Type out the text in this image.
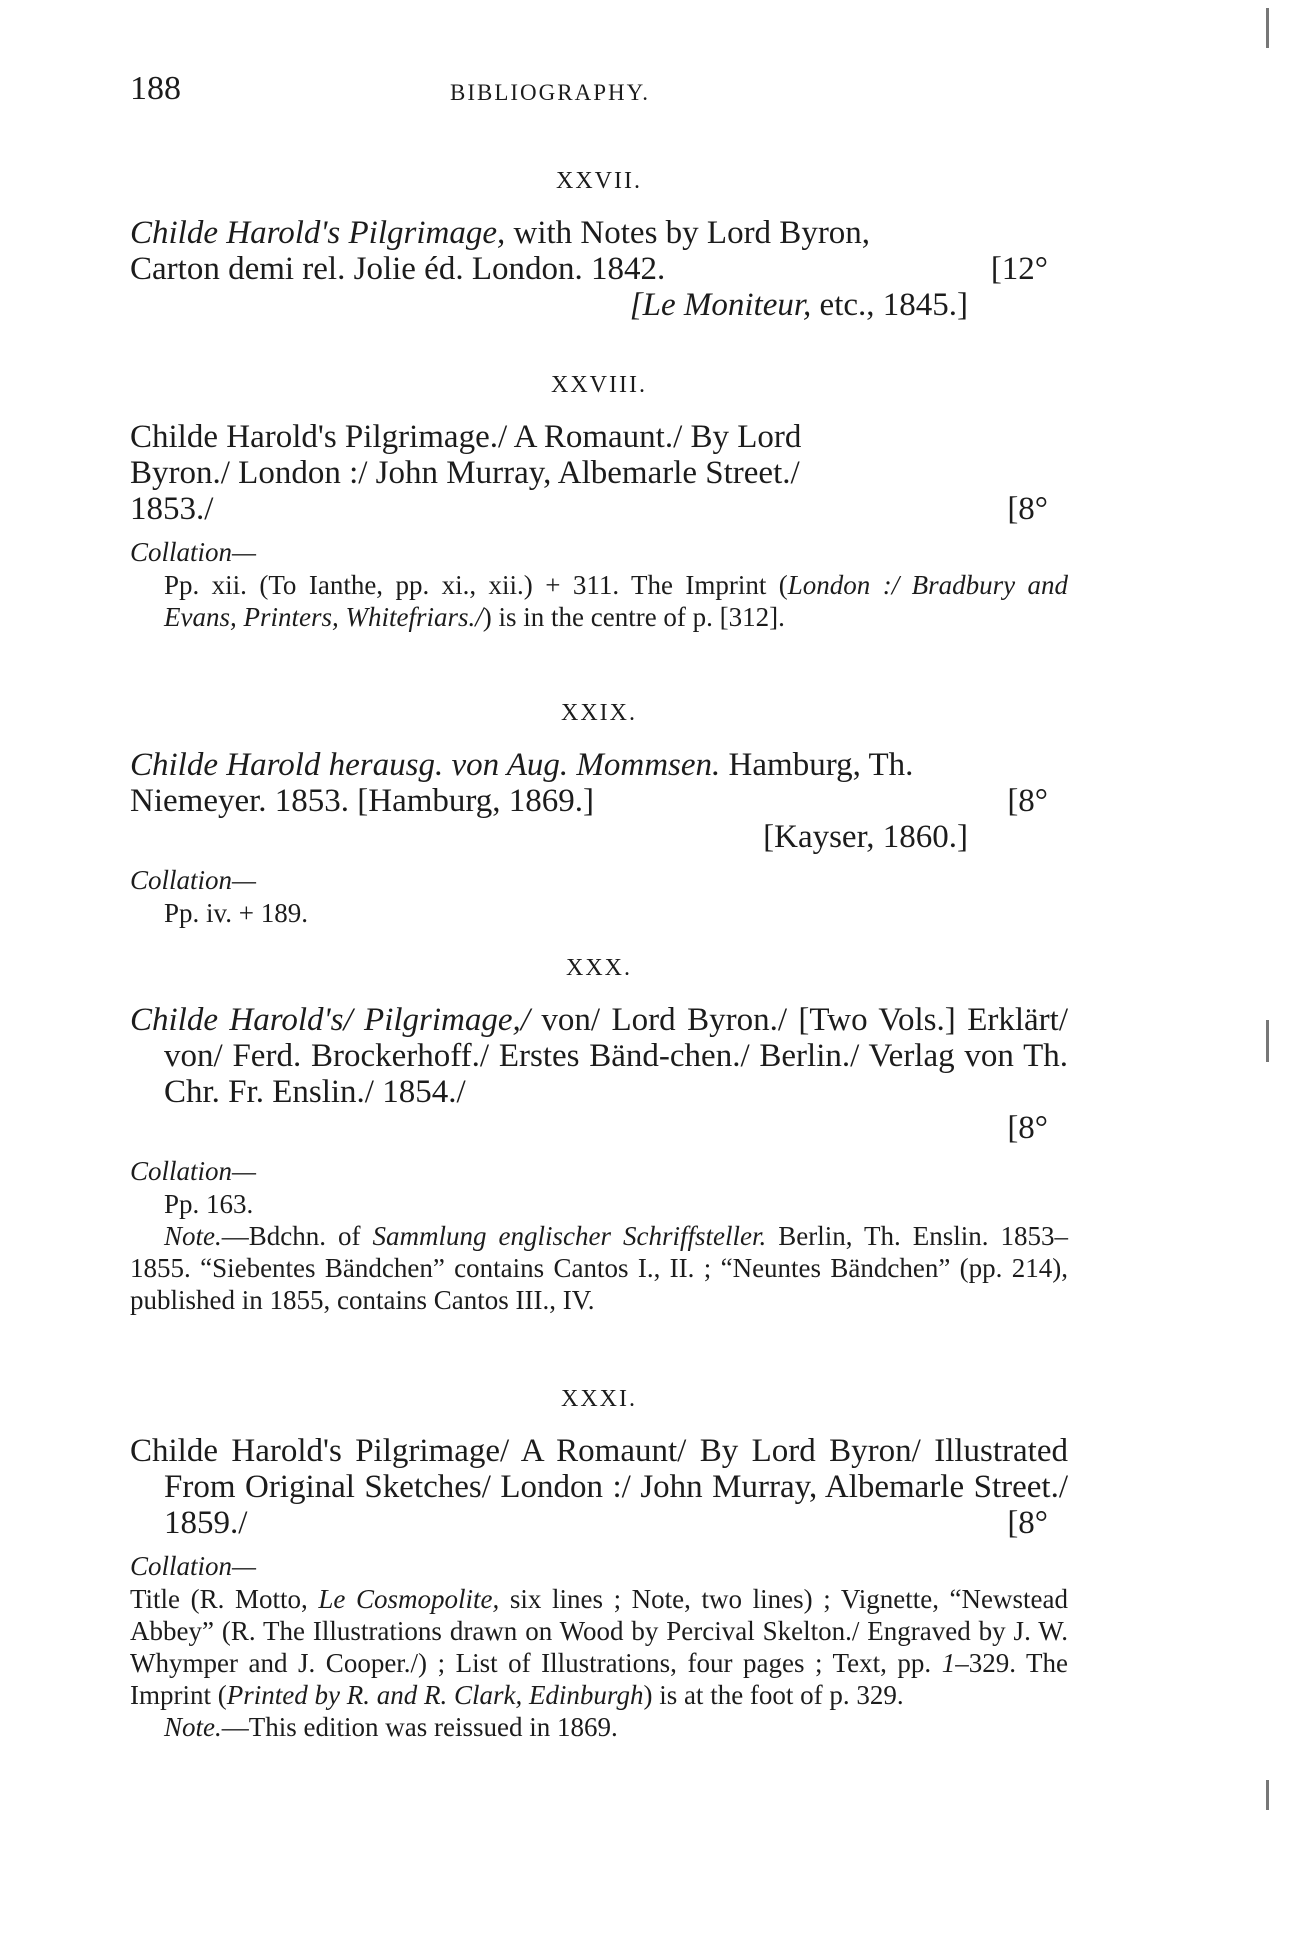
188	BIBLIOGRAPHY.
XXVII.
Childe Harold's Pilgrimage, with Notes by Lord Byron,
Carton demi rel. Jolie éd. London. 1842.	[12°
[Le Moniteur, etc., 1845.]
XXVIII.
Childe Harold's Pilgrimage./ A Romaunt./ By Lord
Byron./ London :/ John Murray, Albemarle Street./
1853./	[8°
Collation—
Pp. xii. (To Ianthe, pp. xi., xii.) + 311. The Imprint (London :/ Bradbury and Evans, Printers, Whitefriars./) is in the centre of p. [312].
XXIX.
Childe Harold herausg. von Aug. Mommsen. Hamburg, Th.
Niemeyer. 1853. [Hamburg, 1869.]	[8°
[Kayser, 1860.]
Collation—
Pp. iv. + 189.
XXX.
Childe Harold's/ Pilgrimage,/ von/ Lord Byron./ [Two Vols.] Erklärt/ von/ Ferd. Brockerhoff./ Erstes Bänd-chen./ Berlin./ Verlag von Th. Chr. Fr. Enslin./ 1854./
[8°
Collation—
Pp. 163.
Note.—Bdchn. of Sammlung englischer Schriffsteller. Berlin, Th. Enslin. 1853–1855. “Siebentes Bändchen” contains Cantos I., II. ; “Neuntes Bändchen” (pp. 214), published in 1855, contains Cantos III., IV.
XXXI.
Childe Harold's Pilgrimage/ A Romaunt/ By Lord Byron/ Illustrated From Original Sketches/ London :/ John Murray, Albemarle Street./ 1859./	[8°
Collation—
Title (R. Motto, Le Cosmopolite, six lines ; Note, two lines) ; Vignette, “Newstead Abbey” (R. The Illustrations drawn on Wood by Percival Skelton./ Engraved by J. W. Whymper and J. Cooper./) ; List of Illustrations, four pages ; Text, pp. 1–329. The Imprint (Printed by R. and R. Clark, Edinburgh) is at the foot of p. 329.
Note.—This edition was reissued in 1869.
